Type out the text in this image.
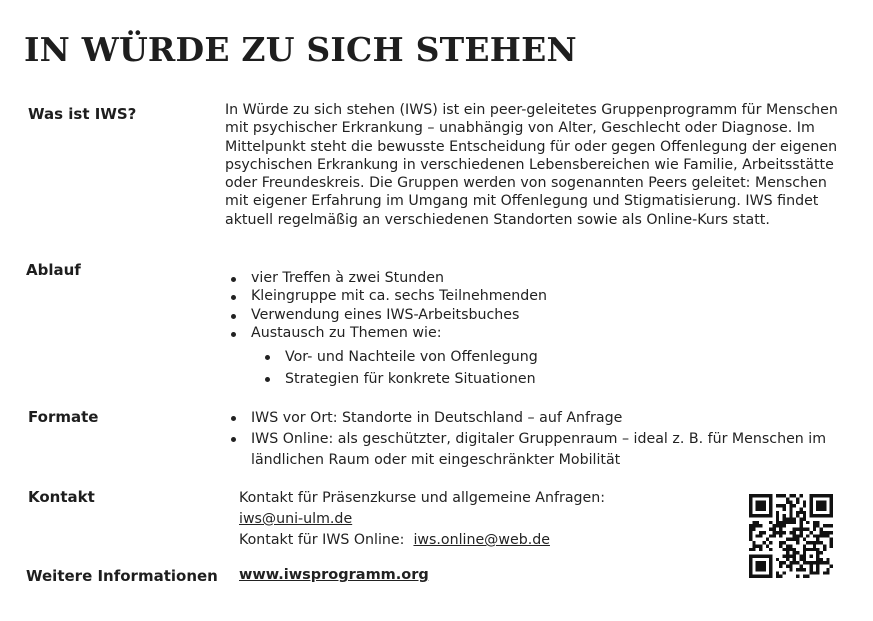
IN WÜRDE ZU SICH STEHEN
Was ist IWS?	In Würde zu sich stehen (IWS) ist ein peer-geleitetes Gruppenprogramm für Menschen mit psychischer Erkrankung – unabhängig von Alter, Geschlecht oder Diagnose. Im Mittelpunkt steht die bewusste Entscheidung für oder gegen Offenlegung der eigenen psychischen Erkrankung in verschiedenen Lebensbereichen wie Familie, Arbeitsstätte oder Freundeskreis. Die Gruppen werden von sogenannten Peers geleitet: Menschen mit eigener Erfahrung im Umgang mit Offenlegung und Stigmatisierung. IWS findet aktuell regelmäßig an verschiedenen Standorten sowie als Online-Kurs statt.
Ablauf	vier Treffen à zwei Stunden
Kleingruppe mit ca. sechs Teilnehmenden
Verwendung eines IWS-Arbeitsbuches
Austausch zu Themen wie:
Vor- und Nachteile von Offenlegung
Strategien für konkrete Situationen
Formate	IWS vor Ort: Standorte in Deutschland – auf Anfrage
IWS Online: als geschützter, digitaler Gruppenraum – ideal z. B. für Menschen im ländlichen Raum oder mit eingeschränkter Mobilität
Kontakt	Kontakt für Präsenzkurse und allgemeine Anfragen:
iws@uni-ulm.de
Kontakt für IWS Online: iws.online@web.de
Weitere Informationen www.iwsprogramm.org
